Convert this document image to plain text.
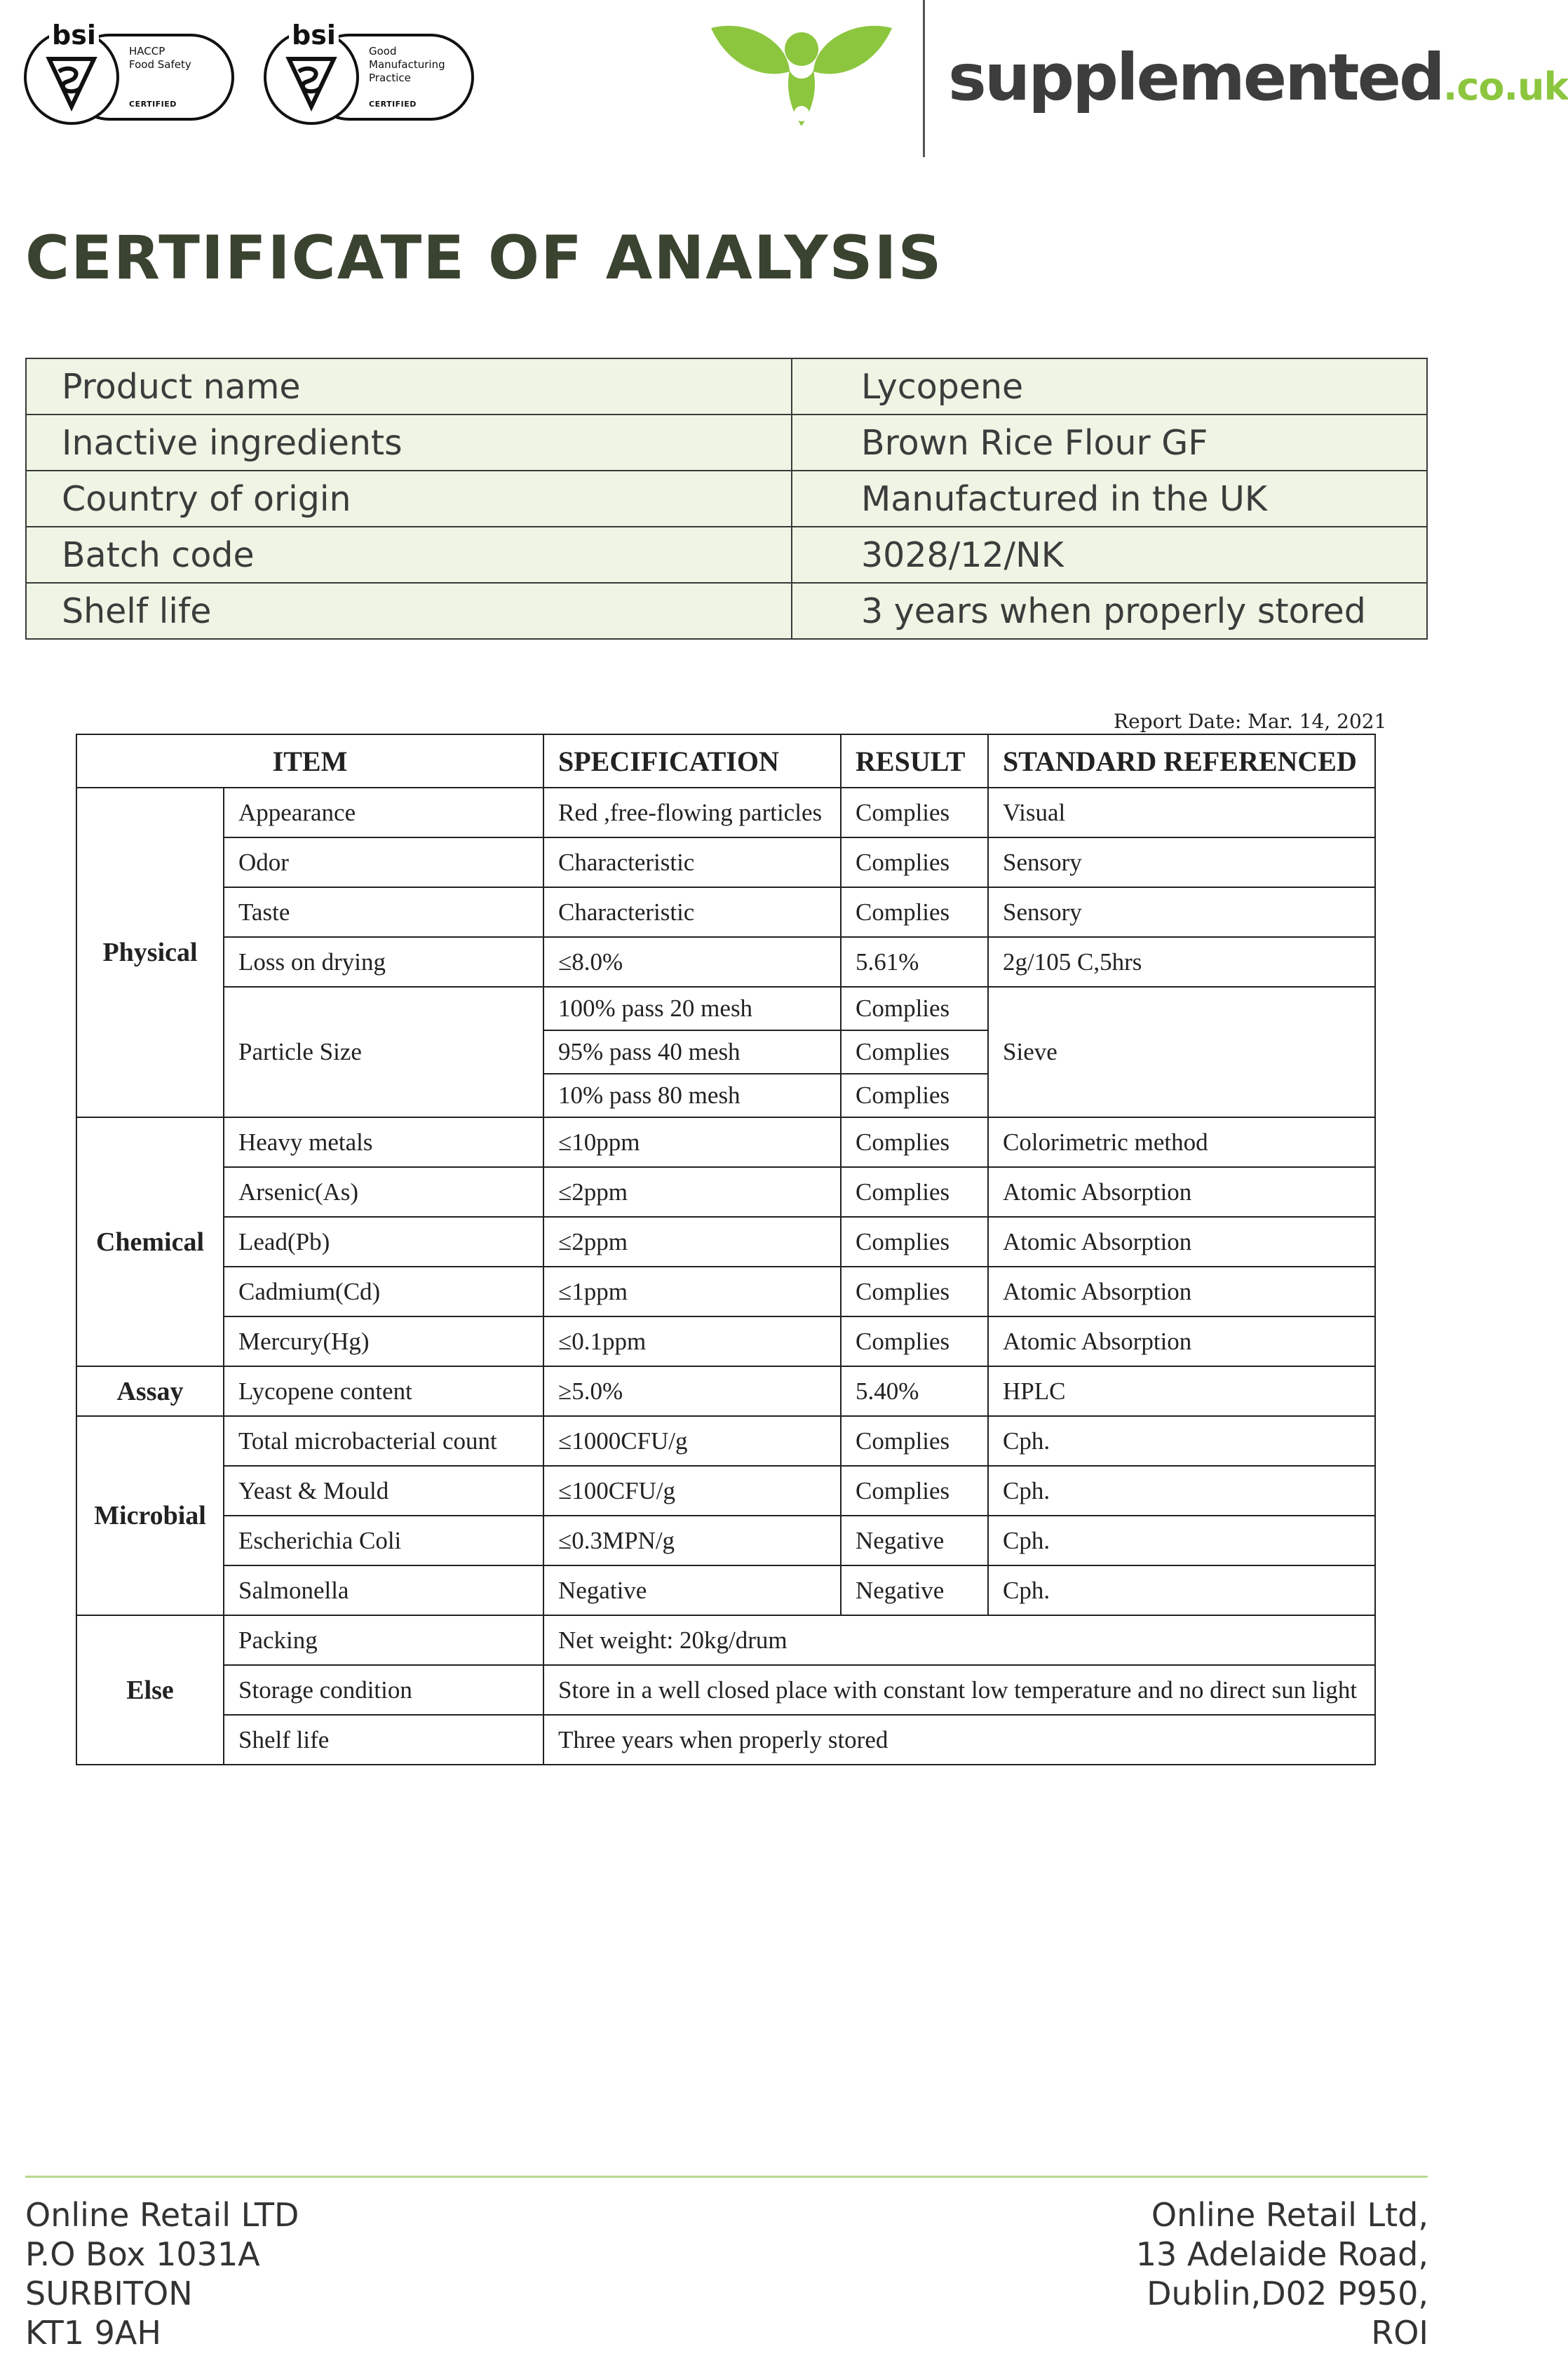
bsi
HACCP
Food Safety
CERTIFIED
bsi
Good
Manufacturing
Practice
CERTIFIED	supplemented.co.uk
CERTIFICATE OF ANALYSIS
Product name	Lycopene
Inactive ingredients	Brown Rice Flour GF
Country of origin	Manufactured in the UK
Batch code	3028/12/NK
Shelf life	3 years when properly stored
Report Date: Mar. 14, 2021
ITEM		SPECIFICATION	RESULT	STANDARD REFERENCED
Physical	Appearance	Red ,free-flowing particles	Complies	Visual
	Odor	Characteristic	Complies	Sensory
	Taste	Characteristic	Complies	Sensory
	Loss on drying	≤8.0%	5.61%	2g/105 C,5hrs
	Particle Size	100% pass 20 mesh	Complies	Sieve
		95% pass 40 mesh	Complies	
		10% pass 80 mesh	Complies	
Chemical	Heavy metals	≤10ppm	Complies	Colorimetric method
	Arsenic(As)	≤2ppm	Complies	Atomic Absorption
	Lead(Pb)	≤2ppm	Complies	Atomic Absorption
	Cadmium(Cd)	≤1ppm	Complies	Atomic Absorption
	Mercury(Hg)	≤0.1ppm	Complies	Atomic Absorption
Assay	Lycopene content	≥5.0%	5.40%	HPLC
Microbial	Total microbacterial count	≤1000CFU/g	Complies	Cph.
	Yeast & Mould	≤100CFU/g	Complies	Cph.
	Escherichia Coli	≤0.3MPN/g	Negative	Cph.
	Salmonella	Negative	Negative	Cph.
Else	Packing	Net weight: 20kg/drum		
	Storage condition	Store in a well closed place with constant low temperature and no direct sun light		
	Shelf life	Three years when properly stored		
Online Retail LTD
P.O Box 1031A
SURBITON
KT1 9AH
Online Retail Ltd,
13 Adelaide Road,
Dublin,D02 P950,
ROI
